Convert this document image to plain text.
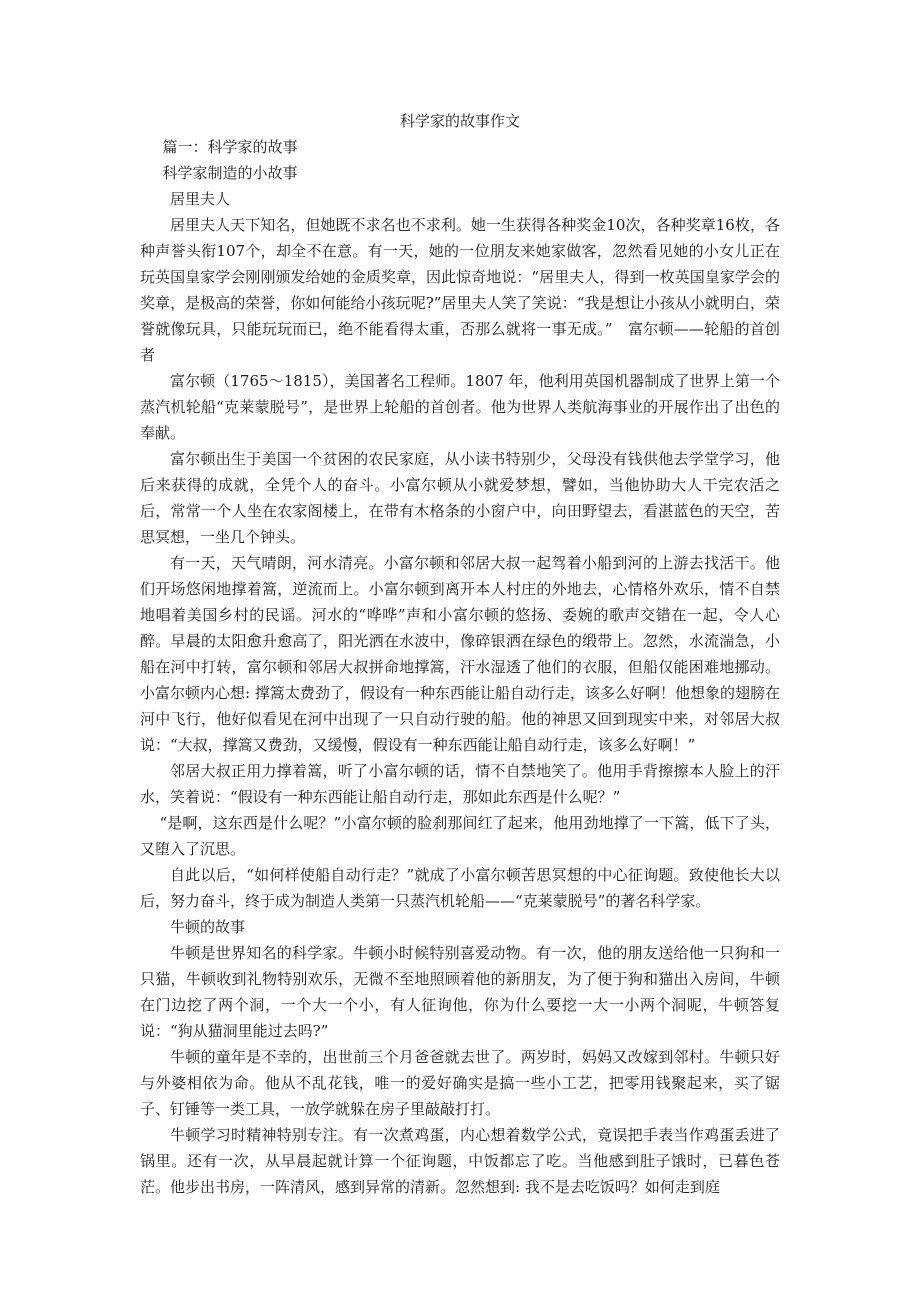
科学家的故事作文
篇一：科学家的故事
科学家制造的小故事
居里夫人

居里夫人天下知名，但她既不求名也不求利。她一生获得各种奖金10次，各种奖章16枚，各种声誉头衔107个，却全不在意。有一天，她的一位朋友来她家做客，忽然看见她的小女儿正在玩英国皇家学会刚刚颁发给她的金质奖章，因此惊奇地说：“居里夫人，得到一枚英国皇家学会的奖章，是极高的荣誉，你如何能给小孩玩呢?”居里夫人笑了笑说：“我是想让小孩从小就明白，荣誉就像玩具，只能玩玩而已，绝不能看得太重，否那么就将一事无成。”　富尔顿——轮船的首创者

富尔顿（1765～1815），美国著名工程师。1807 年，他利用英国机器制成了世界上第一个蒸汽机轮船“克莱蒙脱号”，是世界上轮船的首创者。他为世界人类航海事业的开展作出了出色的奉献。

富尔顿出生于美国一个贫困的农民家庭，从小读书特别少，父母没有钱供他去学堂学习，他后来获得的成就，全凭个人的奋斗。小富尔顿从小就爱梦想，譬如，当他协助大人干完农活之后，常常一个人坐在农家阁楼上，在带有木格条的小窗户中，向田野望去，看湛蓝色的天空，苦思冥想，一坐几个钟头。

有一天，天气晴朗，河水清亮。小富尔顿和邻居大叔一起驾着小船到河的上游去找活干。他们开场悠闲地撑着篙，逆流而上。小富尔顿到离开本人村庄的外地去，心情格外欢乐，情不自禁地唱着美国乡村的民谣。河水的“哗哗”声和小富尔顿的悠扬、委婉的歌声交错在一起，令人心醉。早晨的太阳愈升愈高了，阳光洒在水波中，像碎银洒在绿色的缎带上。忽然，水流湍急，小船在河中打转，富尔顿和邻居大叔拼命地撑篙，汗水湿透了他们的衣服，但船仅能困难地挪动。小富尔顿内心想: 撑篙太费劲了，假设有一种东西能让船自动行走，该多么好啊！他想象的翅膀在河中飞行，他好似看见在河中出现了一只自动行驶的船。他的神思又回到现实中来，对邻居大叔说：“大叔，撑篙又费劲，又缓慢，假设有一种东西能让船自动行走，该多么好啊！”

邻居大叔正用力撑着篙，听了小富尔顿的话，情不自禁地笑了。他用手背擦擦本人脸上的汗水，笑着说：“假设有一种东西能让船自动行走，那如此东西是什么呢？”

“是啊，这东西是什么呢？”小富尔顿的脸刹那间红了起来，他用劲地撑了一下篙，低下了头，又堕入了沉思。

自此以后，“如何样使船自动行走？”就成了小富尔顿苦思冥想的中心征询题。致使他长大以后，努力奋斗，终于成为制造人类第一只蒸汽机轮船——“克莱蒙脱号”的著名科学家。

牛顿的故事

牛顿是世界知名的科学家。牛顿小时候特别喜爱动物。有一次，他的朋友送给他一只狗和一只猫，牛顿收到礼物特别欢乐，无微不至地照顾着他的新朋友，为了便于狗和猫出入房间，牛顿在门边挖了两个洞，一个大一个小，有人征询他，你为什么要挖一大一小两个洞呢，牛顿答复说：“狗从猫洞里能过去吗?”

牛顿的童年是不幸的，出世前三个月爸爸就去世了。两岁时，妈妈又改嫁到邻村。牛顿只好与外婆相依为命。他从不乱花钱，唯一的爱好确实是搞一些小工艺，把零用钱聚起来，买了锯子、钉锤等一类工具，一放学就躲在房子里敲敲打打。

牛顿学习时精神特别专注。有一次煮鸡蛋，内心想着数学公式，竟误把手表当作鸡蛋丢进了锅里。还有一次，从早晨起就计算一个征询题，中饭都忘了吃。当他感到肚子饿时，已暮色苍茫。他步出书房，一阵清风，感到异常的清新。忽然想到: 我不是去吃饭吗？如何走到庭
